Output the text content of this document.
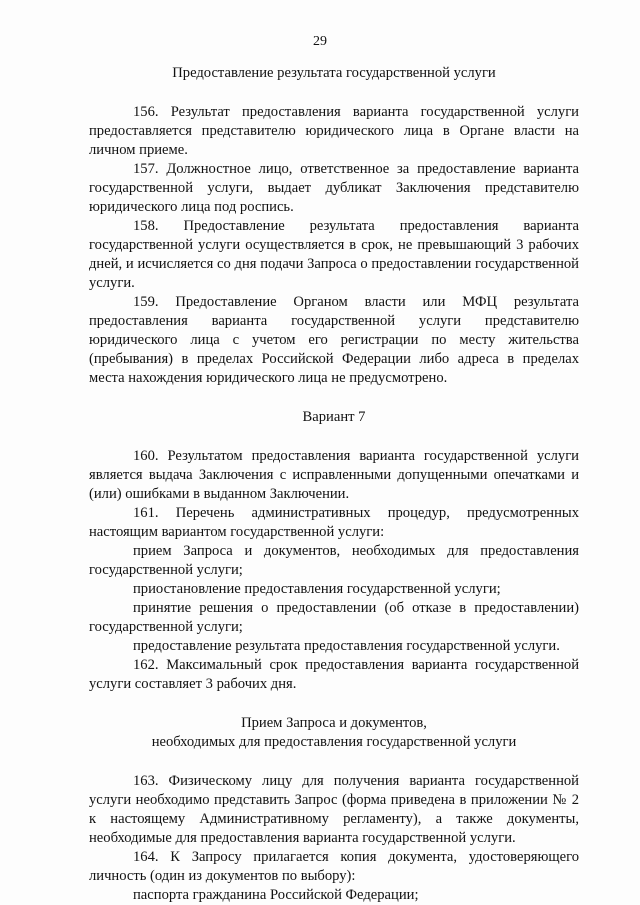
29

Предоставление результата государственной услуги

156. Результат предоставления варианта государственной услуги предоставляется представителю юридического лица в Органе власти на личном приеме.

157. Должностное лицо, ответственное за предоставление варианта государственной услуги, выдает дубликат Заключения представителю юридического лица под роспись.

158. Предоставление результата предоставления варианта государственной услуги осуществляется в срок, не превышающий 3 рабочих дней, и исчисляется со дня подачи Запроса о предоставлении государственной услуги.

159. Предоставление Органом власти или МФЦ результата предоставления варианта государственной услуги представителю юридического лица с учетом его регистрации по месту жительства (пребывания) в пределах Российской Федерации либо адреса в пределах места нахождения юридического лица не предусмотрено.

Вариант 7

160. Результатом предоставления варианта государственной услуги является выдача Заключения с исправленными допущенными опечатками и (или) ошибками в выданном Заключении.

161. Перечень административных процедур, предусмотренных настоящим вариантом государственной услуги:

прием Запроса и документов, необходимых для предоставления государственной услуги;

приостановление предоставления государственной услуги;

принятие решения о предоставлении (об отказе в предоставлении) государственной услуги;

предоставление результата предоставления государственной услуги.

162. Максимальный срок предоставления варианта государственной услуги составляет 3 рабочих дня.

Прием Запроса и документов,

необходимых для предоставления государственной услуги

163. Физическому лицу для получения варианта государственной услуги необходимо представить Запрос (форма приведена в приложении № 2 к настоящему Административному регламенту), а также документы, необходимые для предоставления варианта государственной услуги.

164. К Запросу прилагается копия документа, удостоверяющего личность (один из документов по выбору):

паспорта гражданина Российской Федерации;
